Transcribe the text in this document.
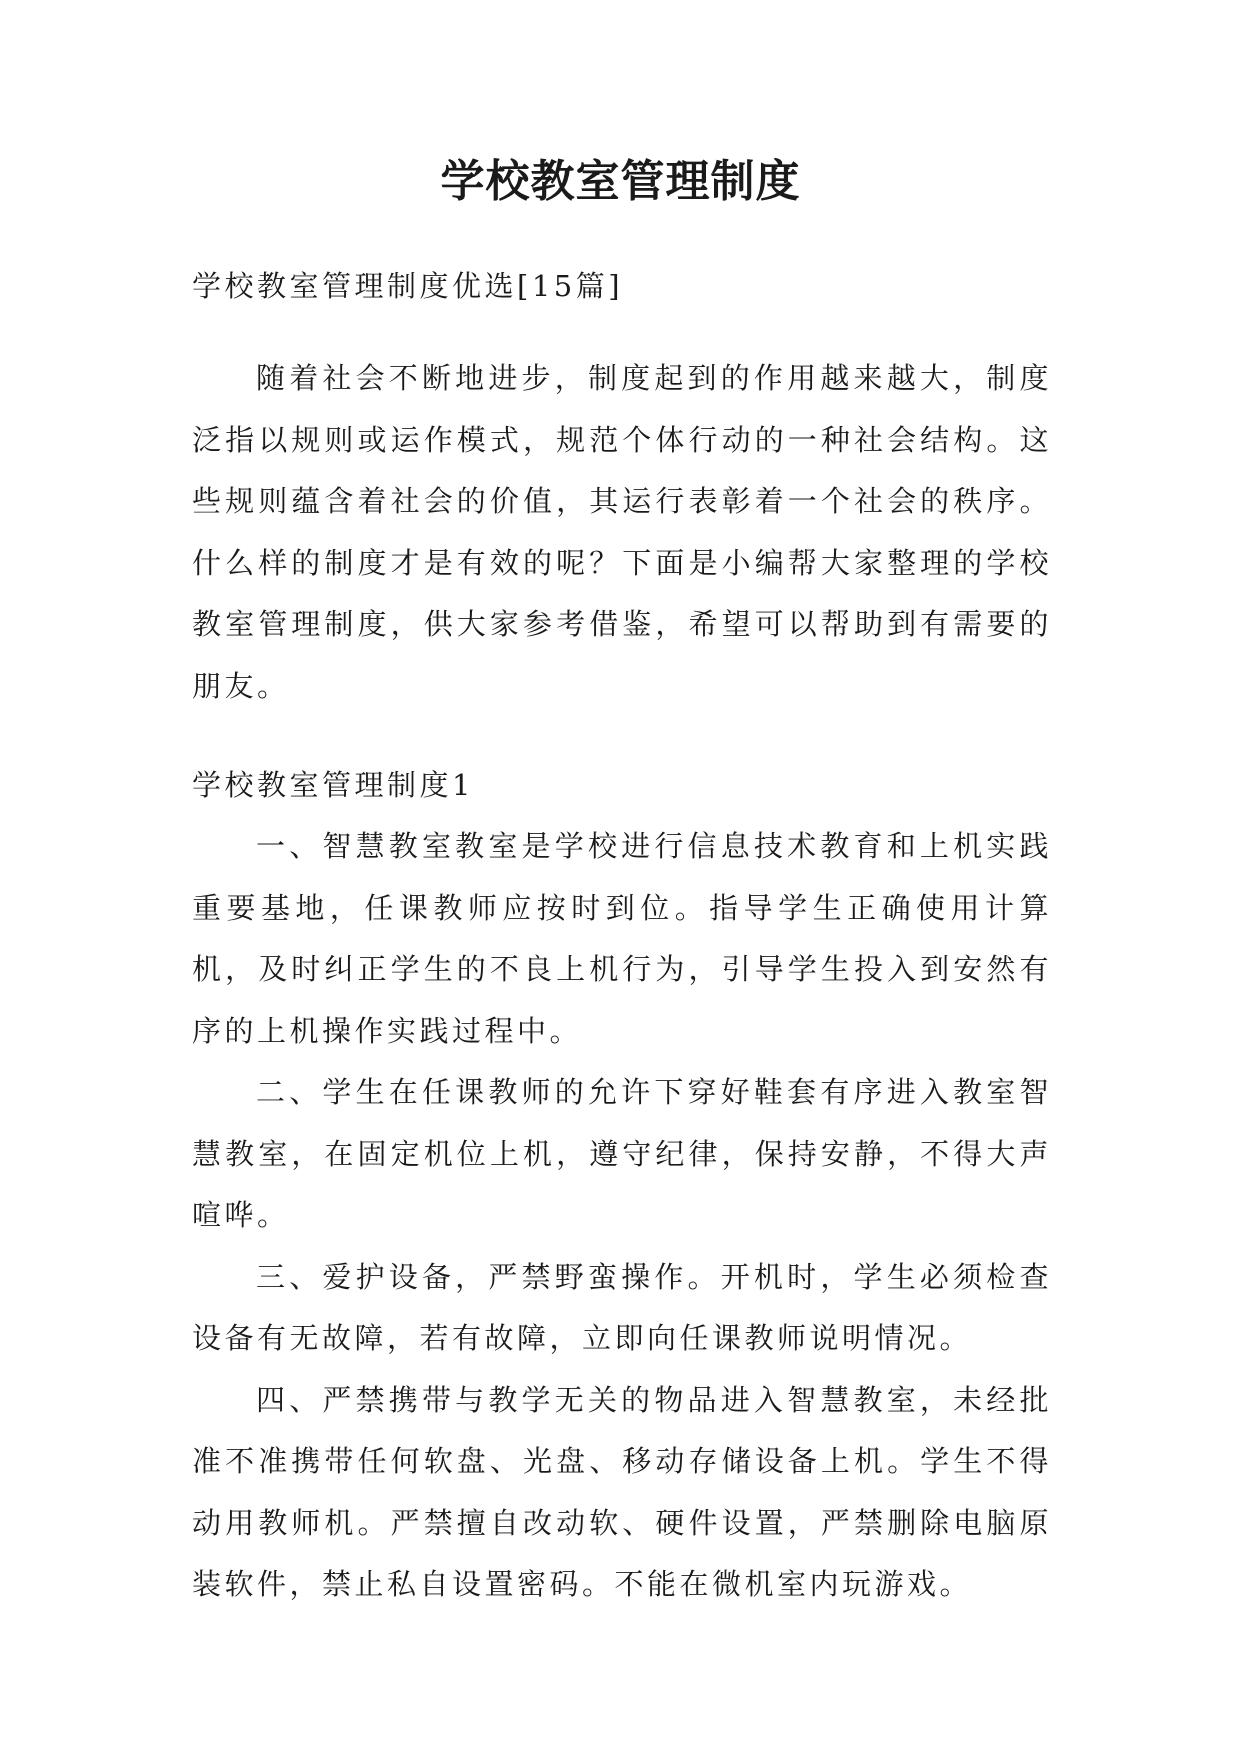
学校教室管理制度
学校教室管理制度优选[15篇]

随着社会不断地进步，制度起到的作用越来越大，制度泛指以规则或运作模式，规范个体行动的一种社会结构。这些规则蕴含着社会的价值，其运行表彰着一个社会的秩序。什么样的制度才是有效的呢？下面是小编帮大家整理的学校教室管理制度，供大家参考借鉴，希望可以帮助到有需要的朋友。

学校教室管理制度1

一、智慧教室教室是学校进行信息技术教育和上机实践重要基地，任课教师应按时到位。指导学生正确使用计算机，及时纠正学生的不良上机行为，引导学生投入到安然有序的上机操作实践过程中。

二、学生在任课教师的允许下穿好鞋套有序进入教室智慧教室，在固定机位上机，遵守纪律，保持安静，不得大声喧哗。

三、爱护设备，严禁野蛮操作。开机时，学生必须检查设备有无故障，若有故障，立即向任课教师说明情况。

四、严禁携带与教学无关的物品进入智慧教室，未经批准不准携带任何软盘、光盘、移动存储设备上机。学生不得动用教师机。严禁擅自改动软、硬件设置，严禁删除电脑原装软件，禁止私自设置密码。不能在微机室内玩游戏。
